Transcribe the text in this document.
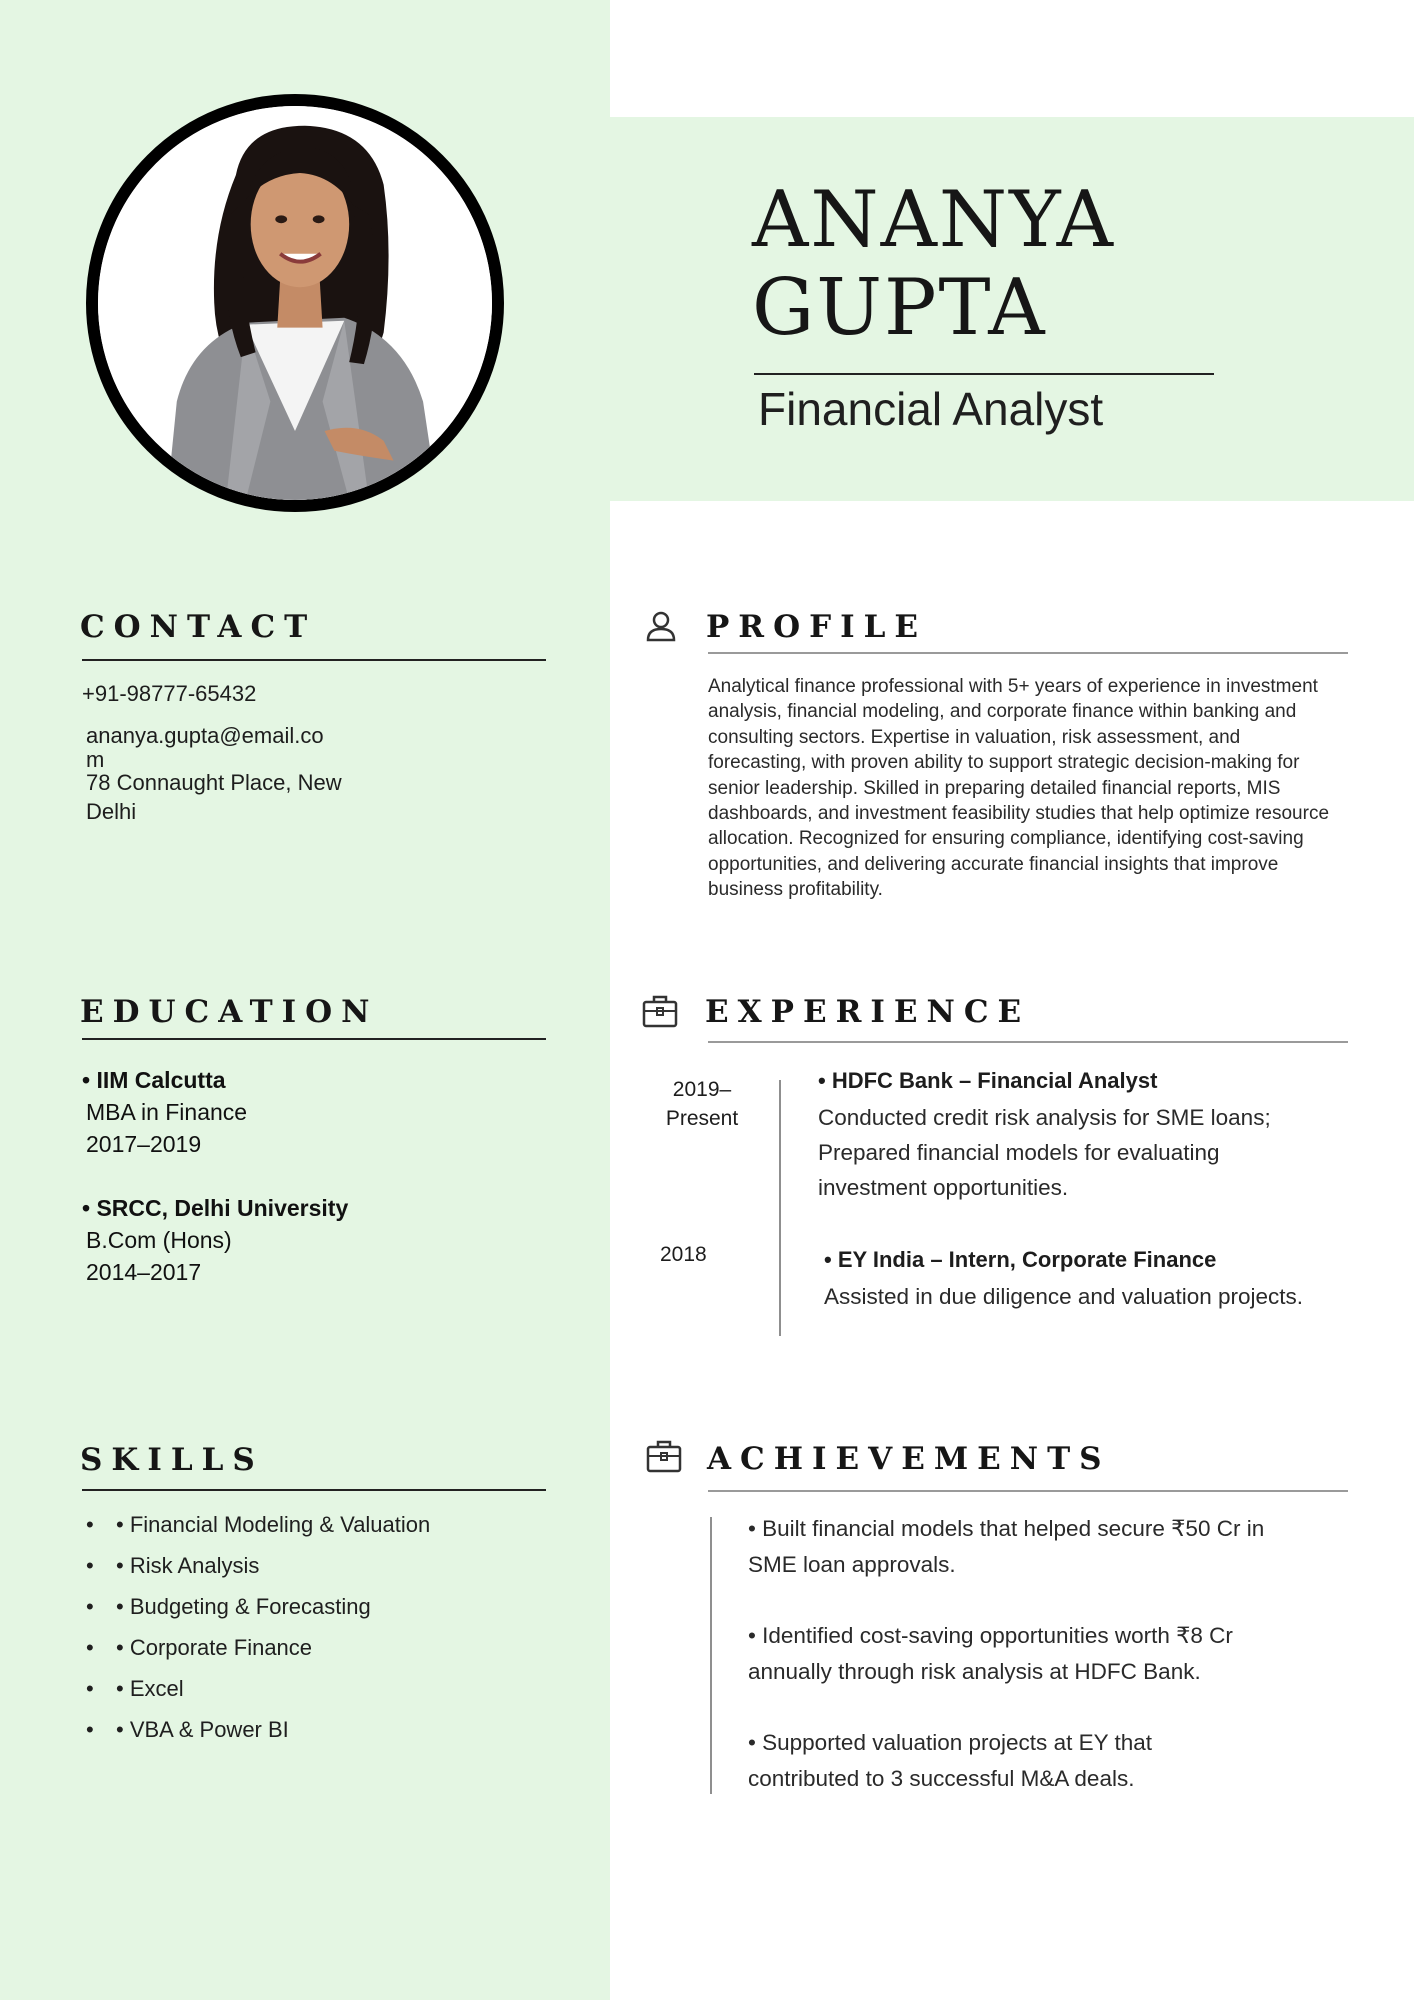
ANANYA
GUPTA
Financial Analyst
CONTACT
+91-98777-65432
ananya.gupta@email.co
m
78 Connaught Place, New
Delhi
EDUCATION
• IIM Calcutta
MBA in Finance
2017–2019
• SRCC, Delhi University
B.Com (Hons)
2014–2017
SKILLS
• • Financial Modeling & Valuation
• • Risk Analysis
• • Budgeting & Forecasting
• • Corporate Finance
• • Excel
• • VBA & Power BI
PROFILE
Analytical finance professional with 5+ years of experience in investment analysis, financial modeling, and corporate finance within banking and consulting sectors. Expertise in valuation, risk assessment, and forecasting, with proven ability to support strategic decision-making for senior leadership. Skilled in preparing detailed financial reports, MIS dashboards, and investment feasibility studies that help optimize resource allocation. Recognized for ensuring compliance, identifying cost-saving opportunities, and delivering accurate financial insights that improve business profitability.
EXPERIENCE
2019–
Present
• HDFC Bank – Financial Analyst
Conducted credit risk analysis for SME loans; Prepared financial models for evaluating investment opportunities.
2018	• EY India – Intern, Corporate Finance
Assisted in due diligence and valuation projects.
ACHIEVEMENTS
• Built financial models that helped secure ₹50 Cr in SME loan approvals.
• Identified cost-saving opportunities worth ₹8 Cr annually through risk analysis at HDFC Bank.
• Supported valuation projects at EY that contributed to 3 successful M&A deals.
